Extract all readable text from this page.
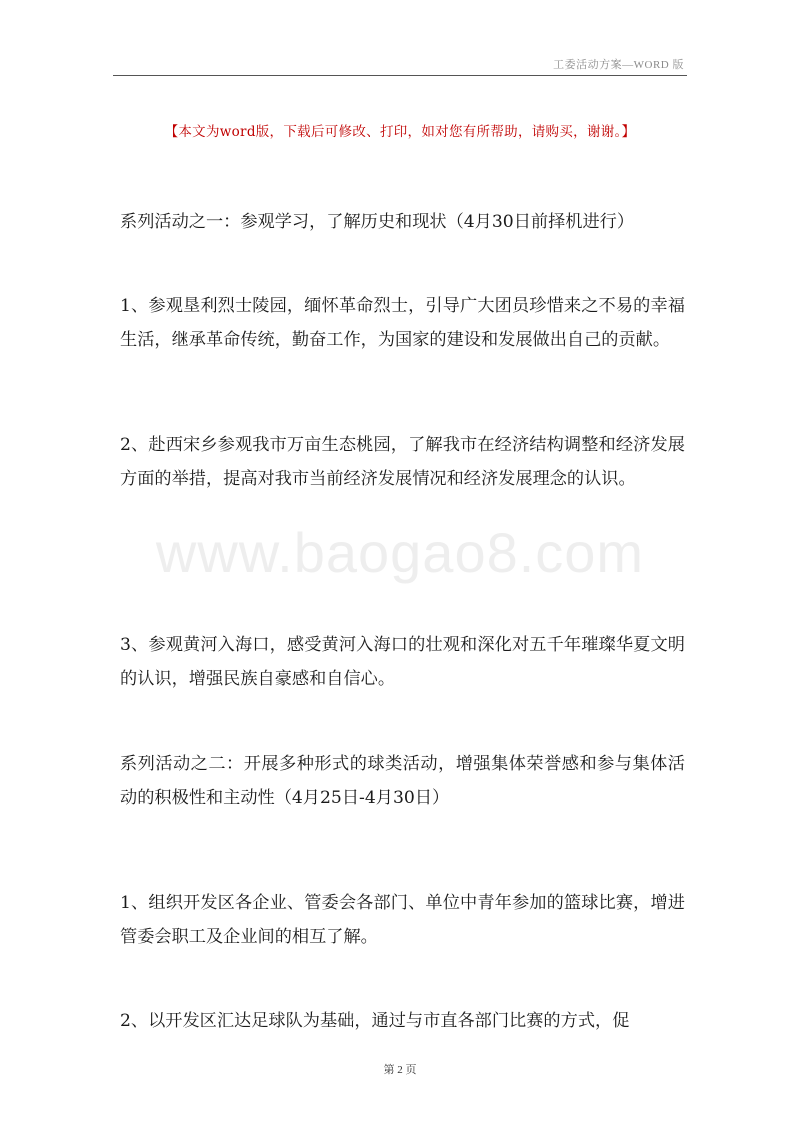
工委活动方案—WORD 版
【本文为word版，下载后可修改、打印，如对您有所帮助，请购买，谢谢。】
www.baogao8.com
系列活动之一：参观学习，了解历史和现状（4月30日前择机进行）
1、参观垦利烈士陵园，缅怀革命烈士，引导广大团员珍惜来之不易的幸福生活，继承革命传统，勤奋工作，为国家的建设和发展做出自己的贡献。
2、赴西宋乡参观我市万亩生态桃园，了解我市在经济结构调整和经济发展方面的举措，提高对我市当前经济发展情况和经济发展理念的认识。
3、参观黄河入海口，感受黄河入海口的壮观和深化对五千年璀璨华夏文明的认识，增强民族自豪感和自信心。
系列活动之二：开展多种形式的球类活动，增强集体荣誉感和参与集体活动的积极性和主动性（4月25日-4月30日）
1、组织开发区各企业、管委会各部门、单位中青年参加的篮球比赛，增进管委会职工及企业间的相互了解。
2、以开发区汇达足球队为基础，通过与市直各部门比赛的方式，促
第 2 页
